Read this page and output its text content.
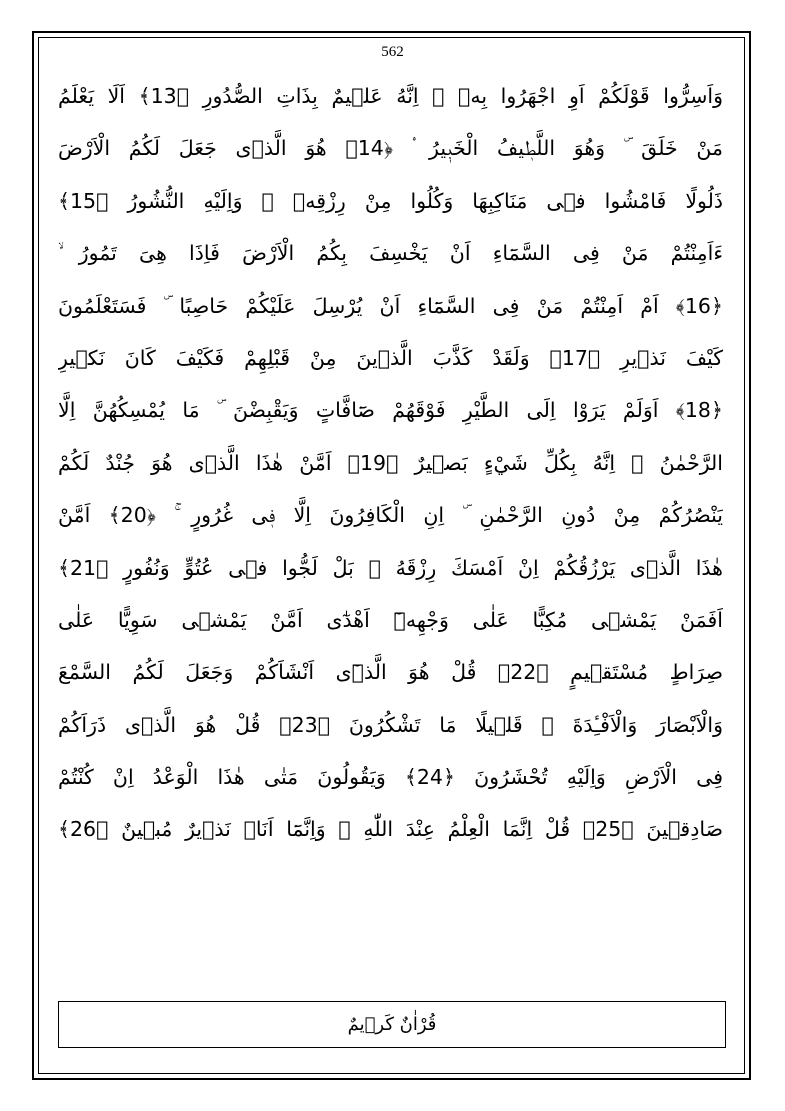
562
وَاَسِرُّوا قَوْلَكُمْ اَوِ اجْهَرُوا بِهٖ ۜ اِنَّهُ عَلٖيمٌ بِذَاتِ الصُّدُورِ ﴿13﴾ اَلَا يَعْلَمُ
مَنْ خَلَقَ ۜ وَهُوَ اللَّطٖيفُ الْخَبٖيرُ ۟ ﴿14﴾ هُوَ الَّذٖى جَعَلَ لَكُمُ الْاَرْضَ
ذَلُولًا فَامْشُوا فٖى مَنَاكِبِهَا وَكُلُوا مِنْ رِزْقِهٖ ۜ وَاِلَيْهِ النُّشُورُ ﴿15﴾
ءَاَمِنْتُمْ مَنْ فِى السَّمَٓاءِ اَنْ يَخْسِفَ بِكُمُ الْاَرْضَ فَاِذَا هِىَ تَمُورُ ۙ
﴿16﴾ اَمْ اَمِنْتُمْ مَنْ فِى السَّمَٓاءِ اَنْ يُرْسِلَ عَلَيْكُمْ حَاصِبًا ۜ فَسَتَعْلَمُونَ
كَيْفَ نَذٖيرِ ﴿17﴾ وَلَقَدْ كَذَّبَ الَّذٖينَ مِنْ قَبْلِهِمْ فَكَيْفَ كَانَ نَكٖيرِ
﴿18﴾ اَوَلَمْ يَرَوْا اِلَى الطَّيْرِ فَوْقَهُمْ صَٓافَّاتٍ وَيَقْبِضْنَ ۜ مَا يُمْسِكُهُنَّ اِلَّا
الرَّحْمٰنُ ۜ اِنَّهُ بِكُلِّ شَيْءٍ بَصٖيرٌ ﴿19﴾ اَمَّنْ هٰذَا الَّذٖى هُوَ جُنْدٌ لَكُمْ
يَنْصُرُكُمْ مِنْ دُونِ الرَّحْمٰنِ ۜ اِنِ الْكَافِرُونَ اِلَّا فٖى غُرُورٍ ۚ ﴿20﴾ اَمَّنْ
هٰذَا الَّذٖى يَرْزُقُكُمْ اِنْ اَمْسَكَ رِزْقَهُ ۚ بَلْ لَجُّوا فٖى عُتُوٍّ وَنُفُورٍ ﴿21﴾
اَفَمَنْ يَمْشٖى مُكِبًّا عَلٰى وَجْهِهٖٓ اَهْدٰٓى اَمَّنْ يَمْشٖى سَوِيًّا عَلٰى
صِرَاطٍ مُسْتَقٖيمٍ ﴿22﴾ قُلْ هُوَ الَّذٖٓى اَنْشَاَكُمْ وَجَعَلَ لَكُمُ السَّمْعَ
وَالْاَبْصَارَ وَالْاَفْـِٔدَةَ ۜ قَلٖيلًا مَا تَشْكُرُونَ ﴿23﴾ قُلْ هُوَ الَّذٖى ذَرَاَكُمْ
فِى الْاَرْضِ وَاِلَيْهِ تُحْشَرُونَ ﴿24﴾ وَيَقُولُونَ مَتٰى هٰذَا الْوَعْدُ اِنْ كُنْتُمْ
صَادِقٖينَ ﴿25﴾ قُلْ اِنَّمَا الْعِلْمُ عِنْدَ اللّٰهِ ۖ وَاِنَّمَٓا اَنَا۬ نَذٖيرٌ مُبٖينٌ ﴿26﴾
قُرْاٰنٌ كَرٖيمٌ
